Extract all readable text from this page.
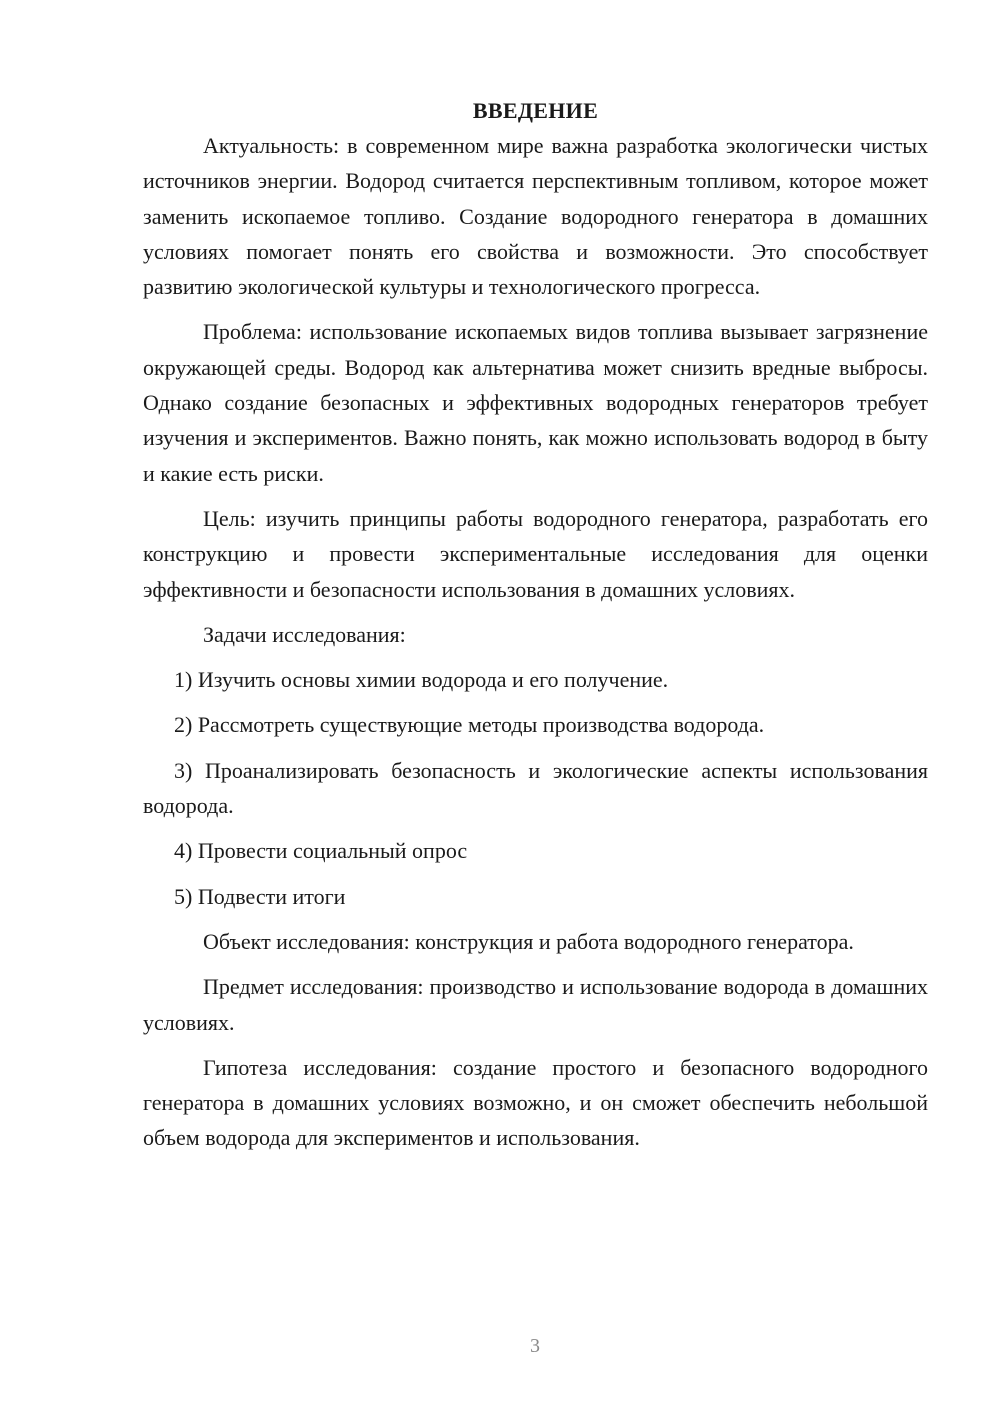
ВВЕДЕНИЕ

Актуальность: в современном мире важна разработка экологически чистых источников энергии. Водород считается перспективным топливом, которое может заменить ископаемое топливо. Создание водородного генератора в домашних условиях помогает понять его свойства и возможности. Это способствует развитию экологической культуры и технологического прогресса.

Проблема: использование ископаемых видов топлива вызывает загрязнение окружающей среды. Водород как альтернатива может снизить вредные выбросы. Однако создание безопасных и эффективных водородных генераторов требует изучения и экспериментов. Важно понять, как можно использовать водород в быту и какие есть риски.

Цель: изучить принципы работы водородного генератора, разработать его конструкцию и провести экспериментальные исследования для оценки эффективности и безопасности использования в домашних условиях.

Задачи исследования:

1) Изучить основы химии водорода и его получение.

2) Рассмотреть существующие методы производства водорода.

3) Проанализировать безопасность и экологические аспекты использования водорода.

4) Провести социальный опрос

5) Подвести итоги

Объект исследования: конструкция и работа водородного генератора.

Предмет исследования: производство и использование водорода в домашних условиях.

Гипотеза исследования: создание простого и безопасного водородного генератора в домашних условиях возможно, и он сможет обеспечить небольшой объем водорода для экспериментов и использования.

3
